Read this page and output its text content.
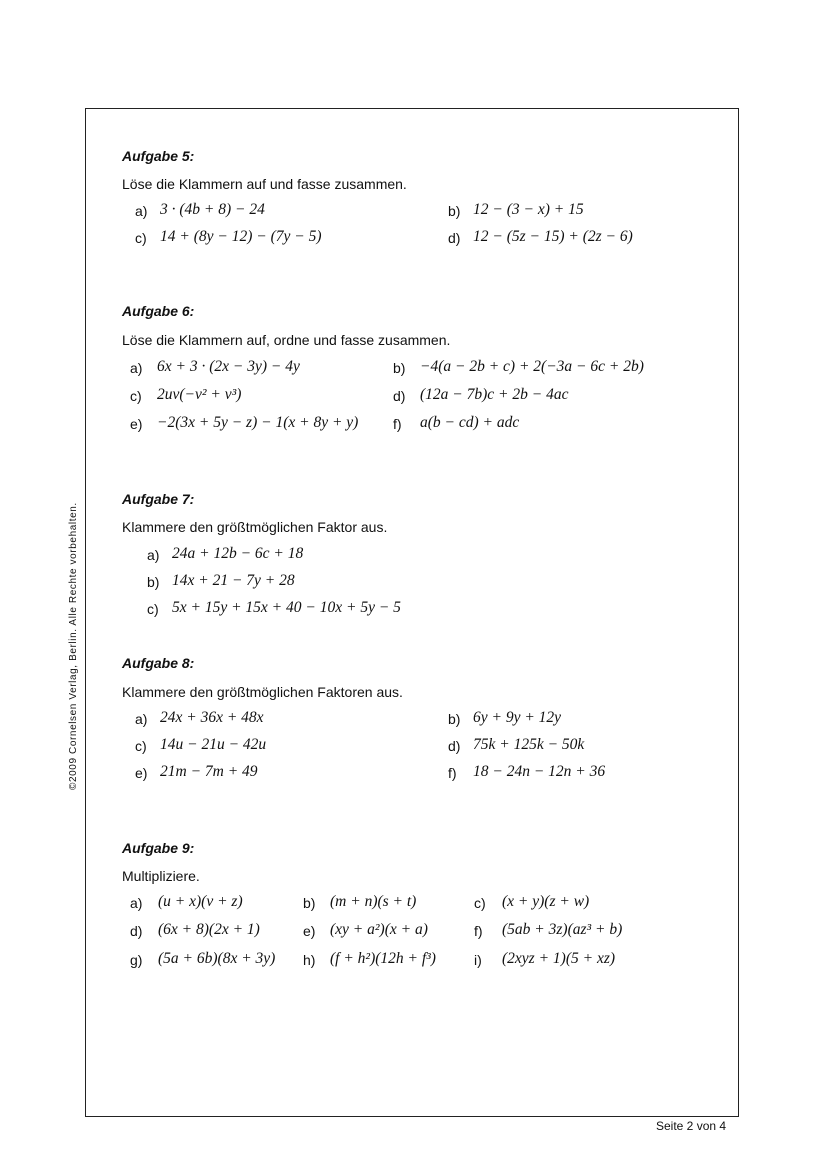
©2009 Cornelsen Verlag, Berlin. Alle Rechte vorbehalten.
Seite 2 von 4
Aufgabe 5:
Löse die Klammern auf und fasse zusammen.
a) 3 · (4b + 8) − 24	b) 12 − (3 − x) + 15
c) 14 + (8y − 12) − (7y − 5)	d) 12 − (5z − 15) + (2z − 6)
Aufgabe 6:
Löse die Klammern auf, ordne und fasse zusammen.
a) 6x + 3 · (2x − 3y) − 4y	b) −4(a − 2b + c) + 2(−3a − 6c + 2b)
c) 2uv(−v² + v³)	d) (12a − 7b)c + 2b − 4ac
e) −2(3x + 5y − z) − 1(x + 8y + y) f) a(b − cd) + adc
Aufgabe 7:
Klammere den größtmöglichen Faktor aus.
a) 24a + 12b − 6c + 18
b) 14x + 21 − 7y + 28
c) 5x + 15y + 15x + 40 − 10x + 5y − 5
Aufgabe 8:
Klammere den größtmöglichen Faktoren aus.
a) 24x + 36x + 48x	b) 6y + 9y + 12y
c) 14u − 21u − 42u	d) 75k + 125k − 50k
e) 21m − 7m + 49	f) 18 − 24n − 12n + 36
Aufgabe 9:
Multipliziere.
a) (u + x)(v + z)	b) (m + n)(s + t)	c) (x + y)(z + w)
d) (6x + 8)(2x + 1)	e) (xy + a²)(x + a)	f) (5ab + 3z)(az³ + b)
g) (5a + 6b)(8x + 3y) h) (f + h²)(12h + f³)	i) (2xyz + 1)(5 + xz)
